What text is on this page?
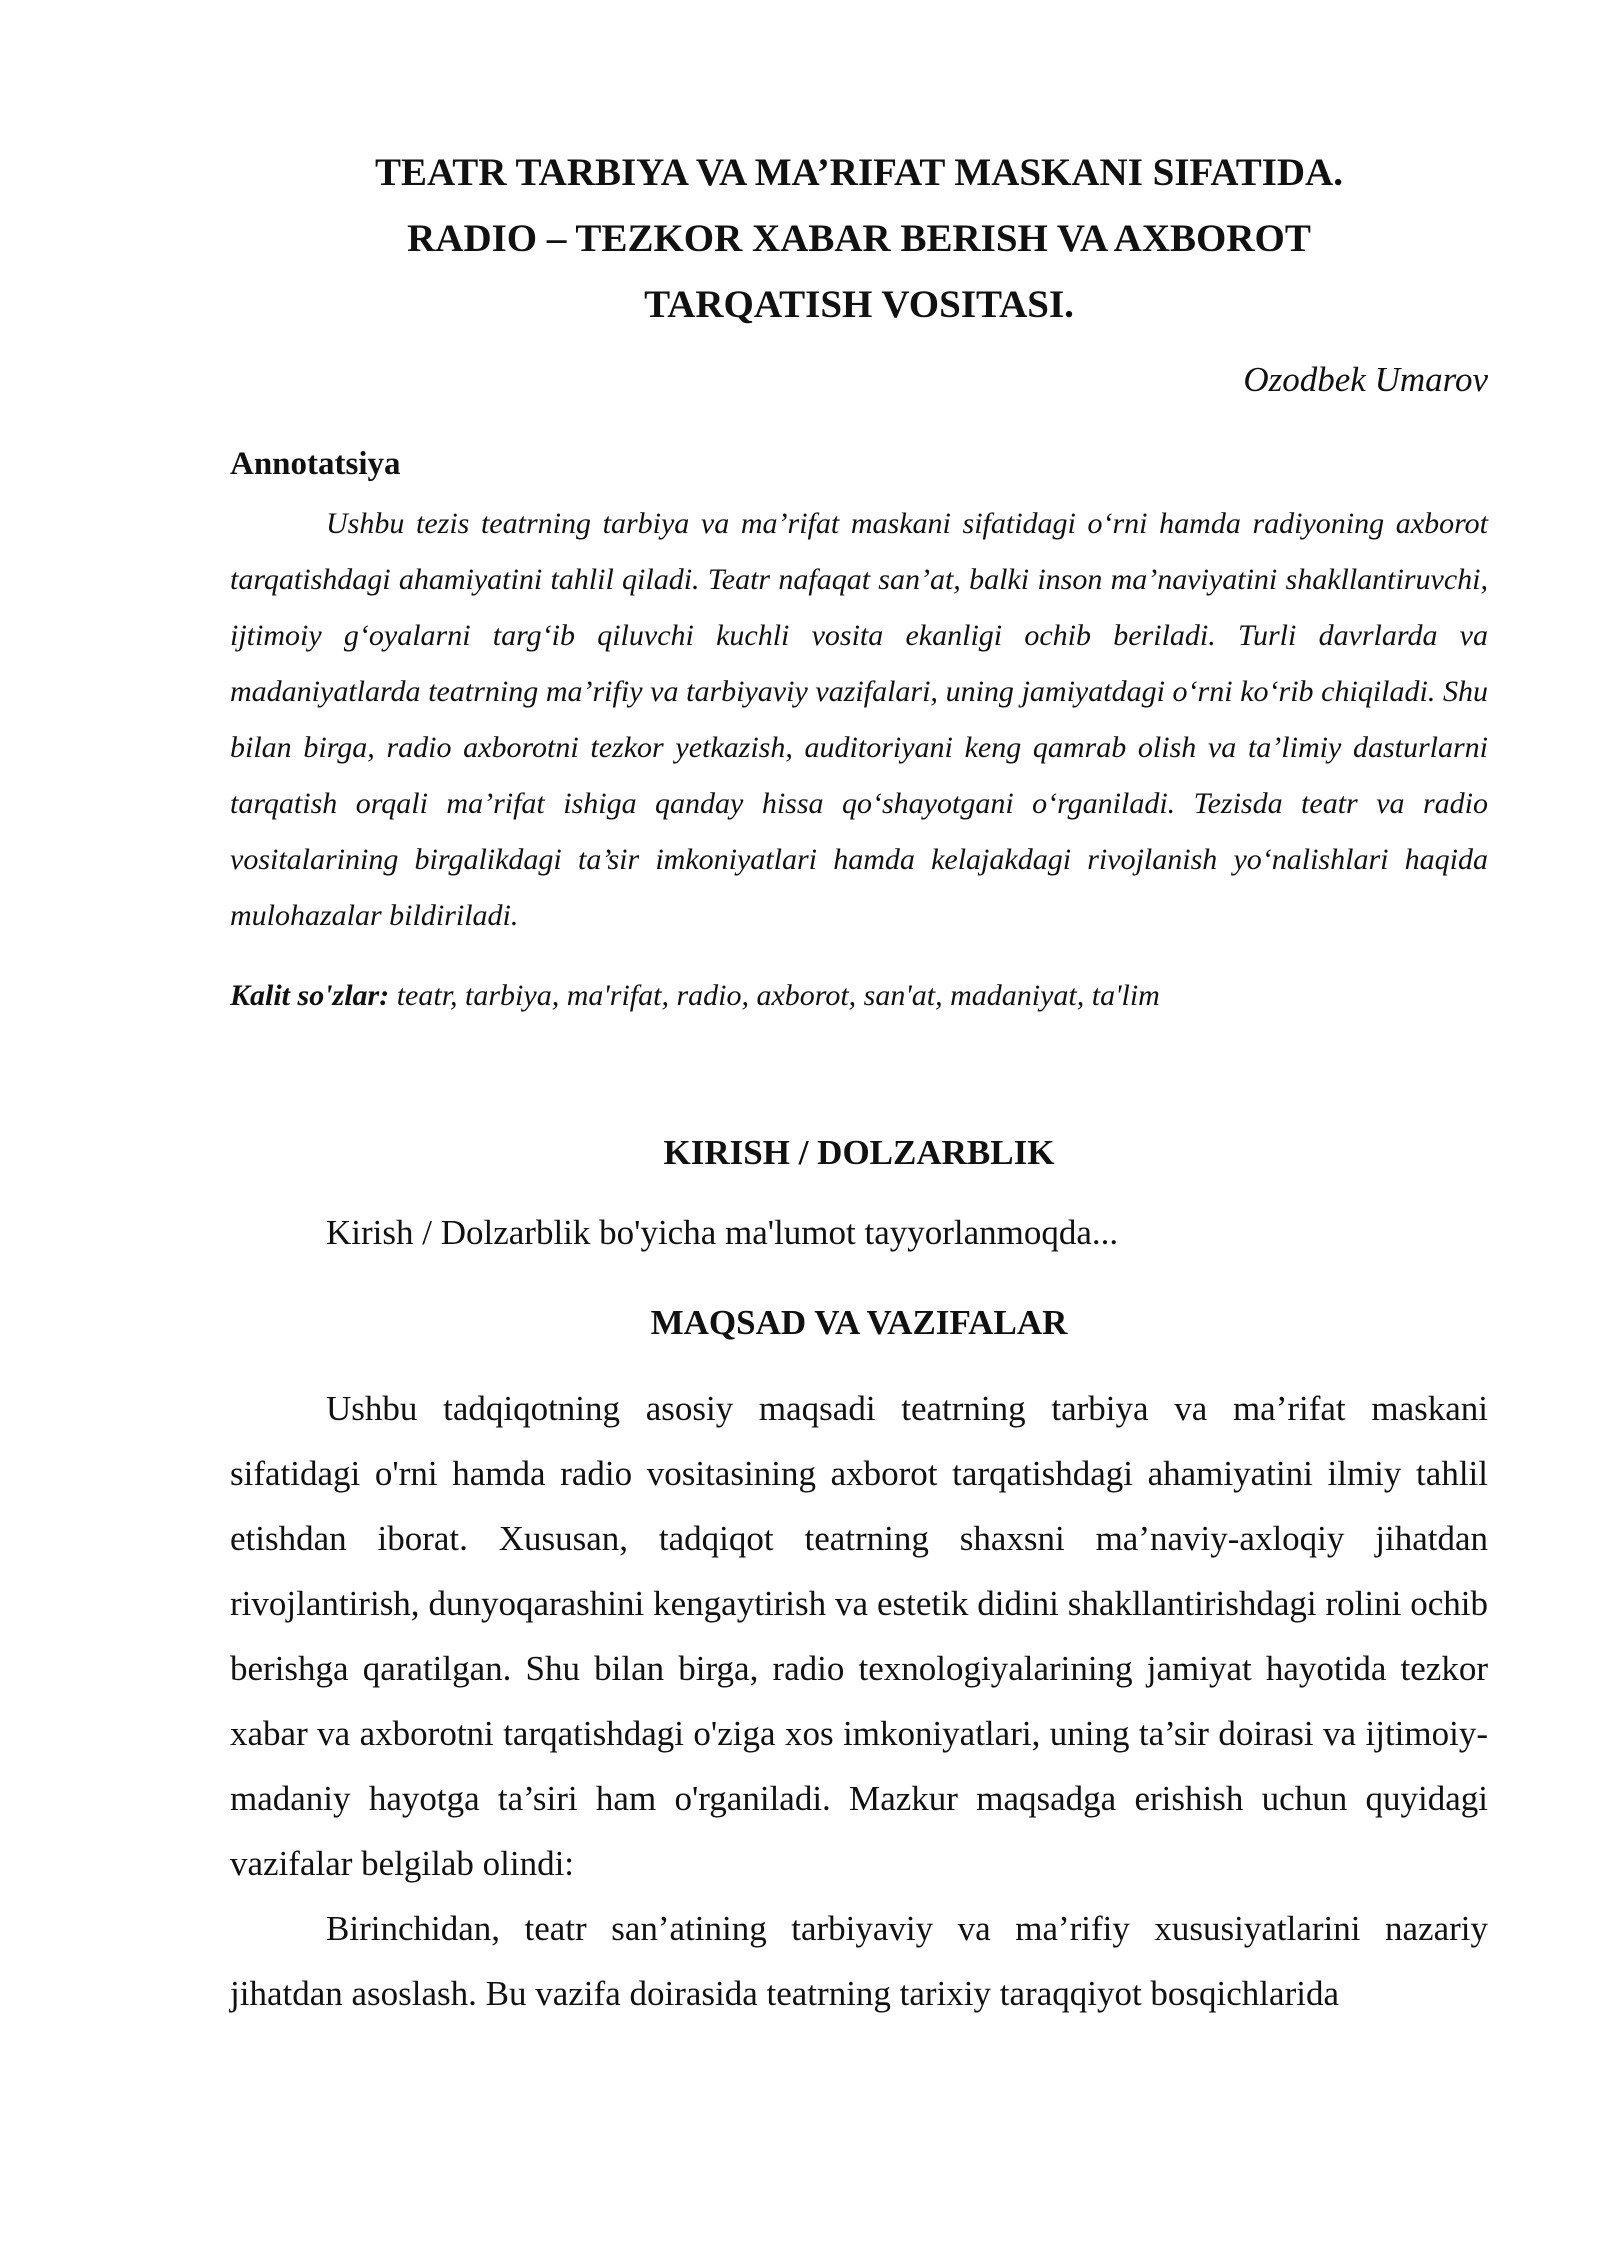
TEATR TARBIYA VA MA’RIFAT MASKANI SIFATIDA.
RADIO – TEZKOR XABAR BERISH VA AXBOROT
TARQATISH VOSITASI.
Ozodbek Umarov
Annotatsiya

Ushbu tezis teatrning tarbiya va ma’rifat maskani sifatidagi o‘rni hamda radiyoning axborot tarqatishdagi ahamiyatini tahlil qiladi. Teatr nafaqat san’at, balki inson ma’naviyatini shakllantiruvchi, ijtimoiy g‘oyalarni targ‘ib qiluvchi kuchli vosita ekanligi ochib beriladi. Turli davrlarda va madaniyatlarda teatrning ma’rifiy va tarbiyaviy vazifalari, uning jamiyatdagi o‘rni ko‘rib chiqiladi. Shu bilan birga, radio axborotni tezkor yetkazish, auditoriyani keng qamrab olish va ta’limiy dasturlarni tarqatish orqali ma’rifat ishiga qanday hissa qo‘shayotgani o‘rganiladi. Tezisda teatr va radio vositalarining birgalikdagi ta’sir imkoniyatlari hamda kelajakdagi rivojlanish yo‘nalishlari haqida mulohazalar bildiriladi.

Kalit so'zlar: teatr, tarbiya, ma'rifat, radio, axborot, san'at, madaniyat, ta'lim
KIRISH / DOLZARBLIK

Kirish / Dolzarblik bo'yicha ma'lumot tayyorlanmoqda...

MAQSAD VA VAZIFALAR

Ushbu tadqiqotning asosiy maqsadi teatrning tarbiya va ma’rifat maskani sifatidagi o'rni hamda radio vositasining axborot tarqatishdagi ahamiyatini ilmiy tahlil etishdan iborat. Xususan, tadqiqot teatrning shaxsni ma’naviy-axloqiy jihatdan rivojlantirish, dunyoqarashini kengaytirish va estetik didini shakllantirishdagi rolini ochib berishga qaratilgan. Shu bilan birga, radio texnologiyalarining jamiyat hayotida tezkor xabar va axborotni tarqatishdagi o'ziga xos imkoniyatlari, uning ta’sir doirasi va ijtimoiy-madaniy hayotga ta’siri ham o'rganiladi. Mazkur maqsadga erishish uchun quyidagi vazifalar belgilab olindi:

Birinchidan, teatr san’atining tarbiyaviy va ma’rifiy xususiyatlarini nazariy jihatdan asoslash. Bu vazifa doirasida teatrning tarixiy taraqqiyot bosqichlarida
